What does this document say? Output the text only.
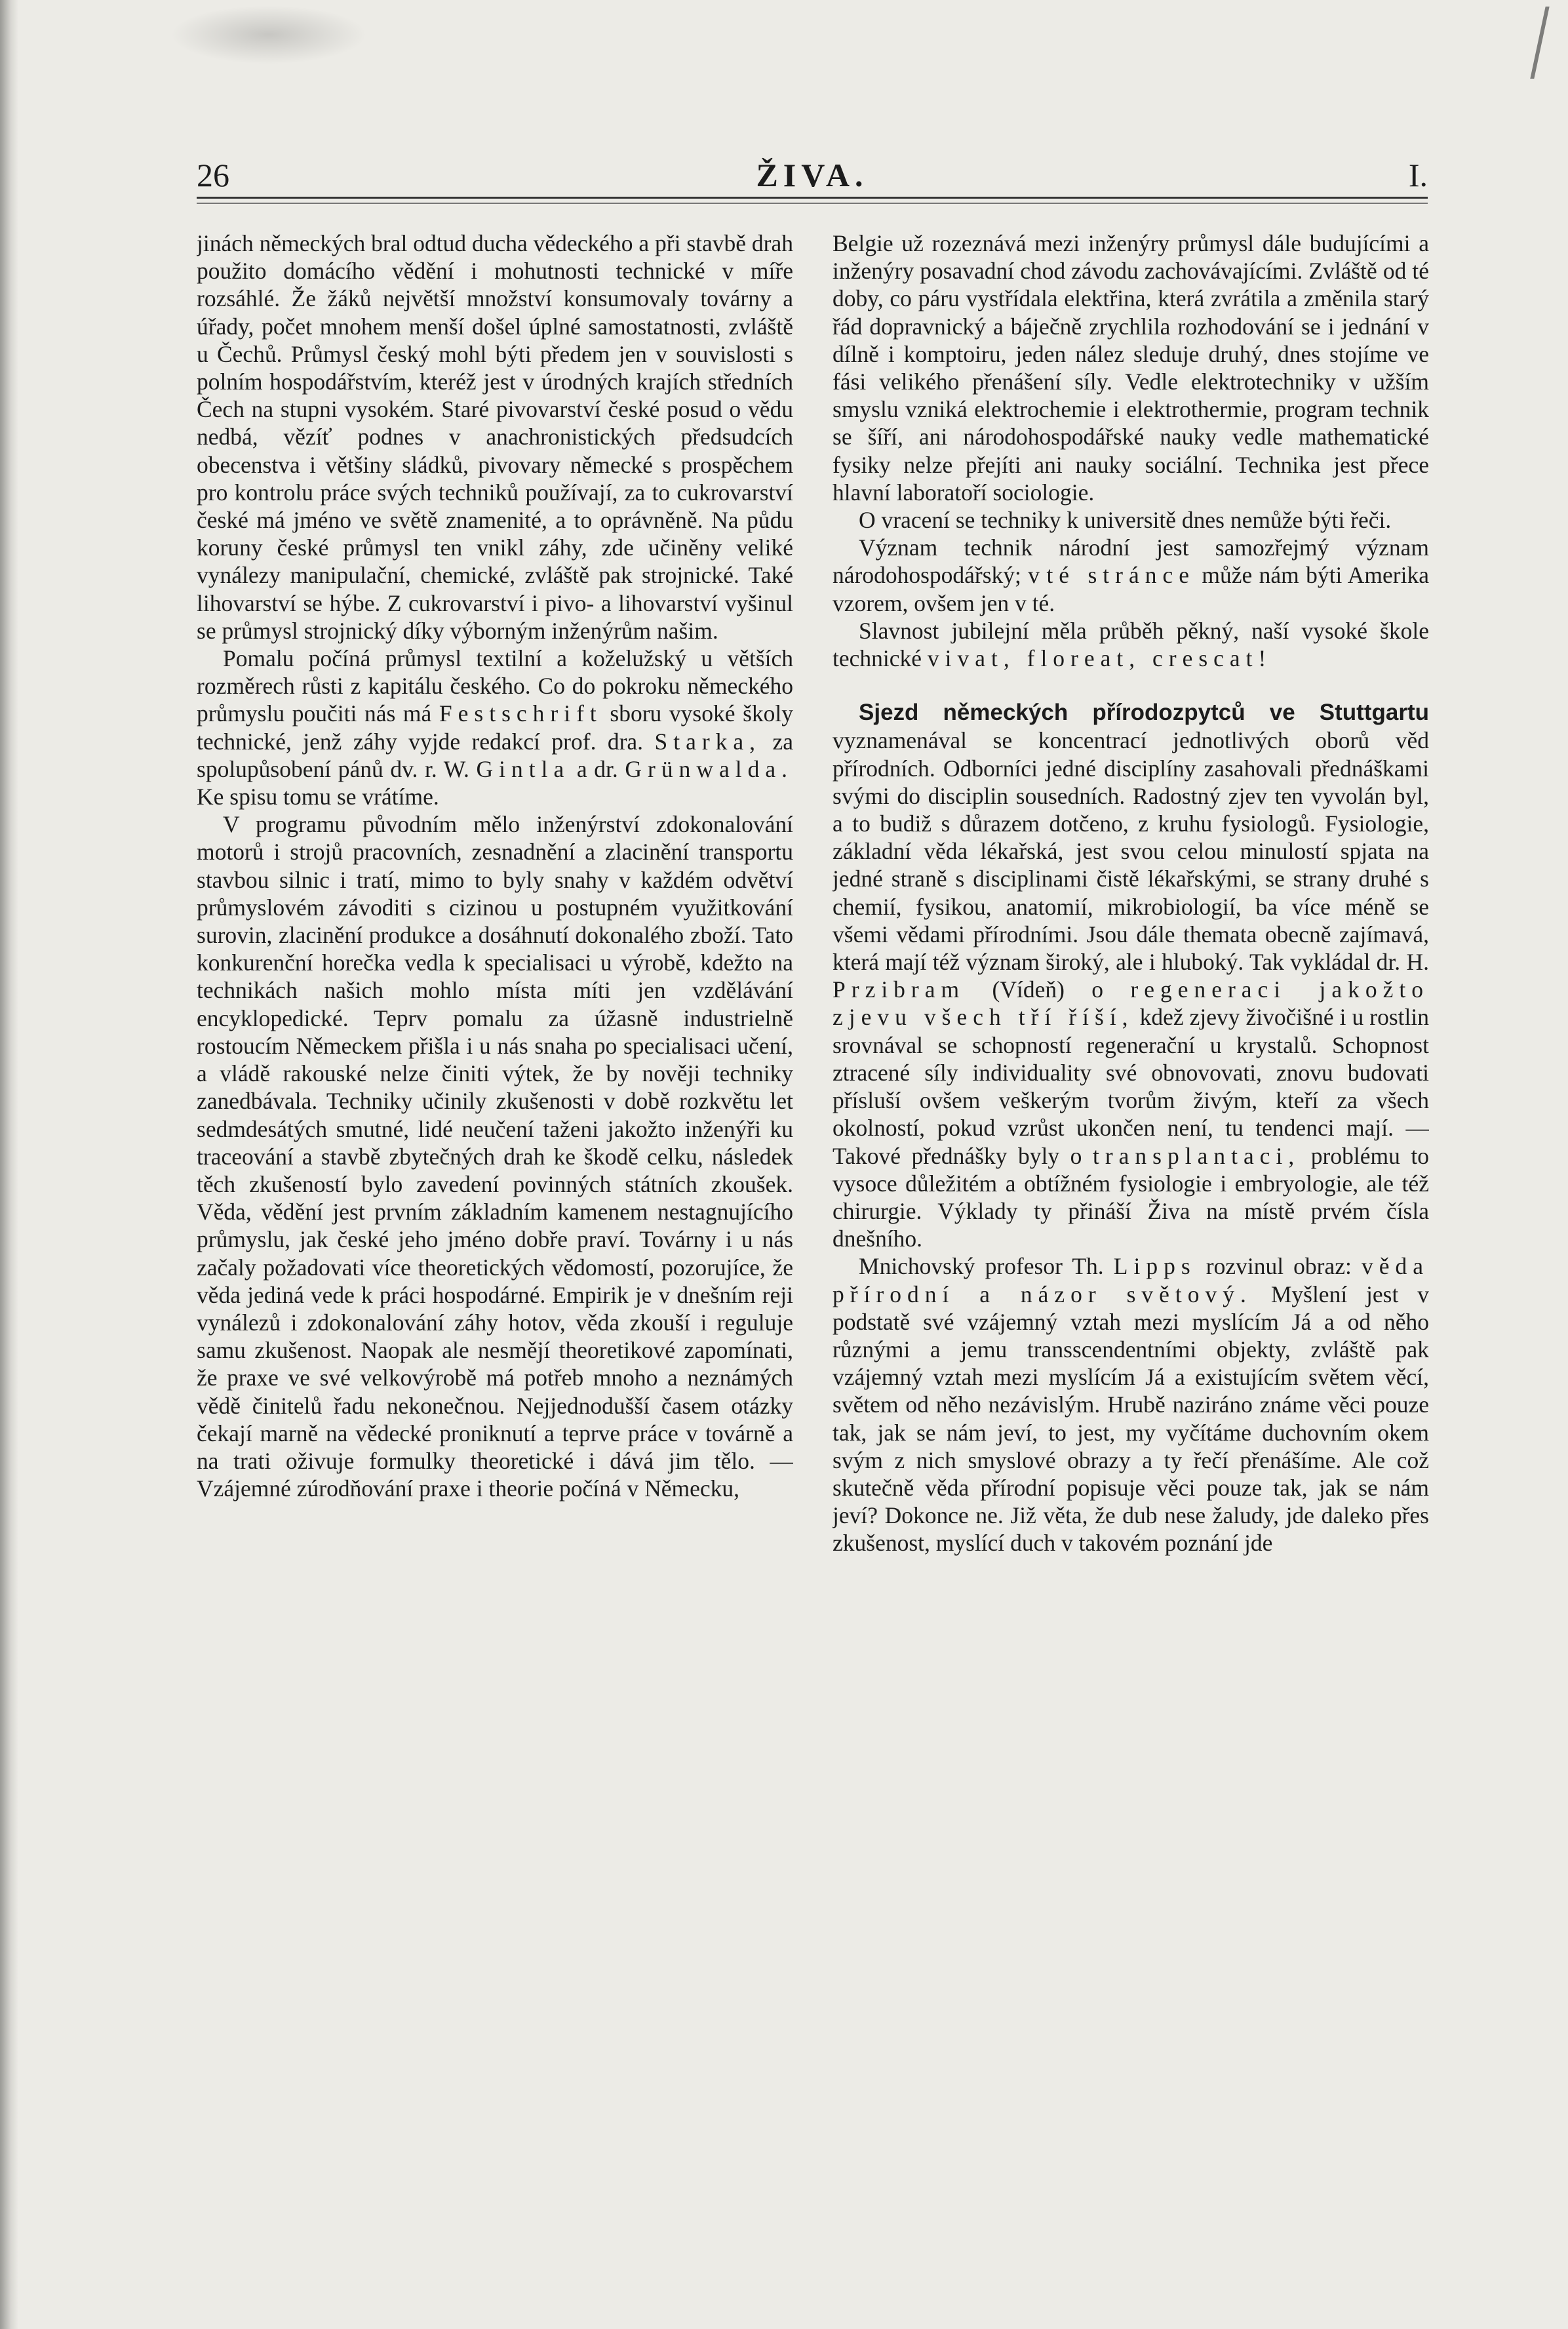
26	ŽIVA.	I.

jinách německých bral odtud ducha vědeckého a při stavbě drah použito domácího vědění i mohutnosti technické v míře rozsáhlé. Že žáků největší množství konsumovaly továrny a úřady, počet mnohem menší došel úplné samostatnosti, zvláště u Čechů. Průmysl český mohl býti předem jen v souvislosti s polním hospodářstvím, kteréž jest v úrodných krajích středních Čech na stupni vysokém. Staré pivovarství české posud o vědu nedbá, vězíť podnes v anachronistických předsudcích obecenstva i většiny sládků, pivovary německé s prospěchem pro kontrolu práce svých techniků používají, za to cukrovarství české má jméno ve světě znamenité, a to oprávněně. Na půdu koruny české průmysl ten vnikl záhy, zde učiněny veliké vynálezy manipulační, chemické, zvláště pak strojnické. Také lihovarství se hýbe. Z cukrovarství i pivo- a lihovarství vyšinul se průmysl strojnický díky výborným inženýrům našim.

Pomalu počíná průmysl textilní a koželužský u větších rozměrech růsti z kapitálu českého. Co do pokroku německého průmyslu poučiti nás má Festschrift sboru vysoké školy technické, jenž záhy vyjde redakcí prof. dra. Starka, za spolupůsobení pánů dv. r. W. Gintla a dr. Grünwalda. Ke spisu tomu se vrátíme.

V programu původním mělo inženýrství zdokonalování motorů i strojů pracovních, zesnadnění a zlacinění transportu stavbou silnic i tratí, mimo to byly snahy v každém odvětví průmyslovém závoditi s cizinou u postupném využitkování surovin, zlacinění produkce a dosáhnutí dokonalého zboží. Tato konkurenční horečka vedla k specialisaci u výrobě, kdežto na technikách našich mohlo místa míti jen vzdělávání encyklopedické. Teprv pomalu za úžasně industrielně rostoucím Německem přišla i u nás snaha po specialisaci učení, a vládě rakouské nelze činiti výtek, že by nověji techniky zanedbávala. Techniky učinily zkušenosti v době rozkvětu let sedmdesátých smutné, lidé neučení taženi jakožto inženýři ku traceování a stavbě zbytečných drah ke škodě celku, následek těch zkušeností bylo zavedení povinných státních zkoušek. Věda, vědění jest prvním základním kamenem nestagnujícího průmyslu, jak české jeho jméno dobře praví. Továrny i u nás začaly požadovati více theoretických vědomostí, pozorujíce, že věda jediná vede k práci hospodárné. Empirik je v dnešním reji vynálezů i zdokonalování záhy hotov, věda zkouší i reguluje samu zkušenost. Naopak ale nesmějí theoretikové zapomínati, že praxe ve své velkovýrobě má potřeb mnoho a neznámých vědě činitelů řadu nekonečnou. Nejjednodušší časem otázky čekají marně na vědecké proniknutí a teprve práce v továrně a na trati oživuje formulky theoretické i dává jim tělo. — Vzájemné zúrodňování praxe i theorie počíná v Německu,

Belgie už rozeznává mezi inženýry průmysl dále budujícími a inženýry posavadní chod závodu zachovávajícími. Zvláště od té doby, co páru vystřídala elektřina, která zvrátila a změnila starý řád dopravnický a báječně zrychlila rozhodování se i jednání v dílně i komptoiru, jeden nález sleduje druhý, dnes stojíme ve fási velikého přenášení síly. Vedle elektrotechniky v užším smyslu vzniká elektrochemie i elektrothermie, program technik se šíří, ani národohospodářské nauky vedle mathematické fysiky nelze přejíti ani nauky sociální. Technika jest přece hlavní laboratoří sociologie.

O vracení se techniky k universitě dnes nemůže býti řeči.

Význam technik národní jest samozřejmý význam národohospodářský; v té stránce může nám býti Amerika vzorem, ovšem jen v té.

Slavnost jubilejní měla průběh pěkný, naší vysoké škole technické vivat, floreat, crescat!

Sjezd německých přírodozpytců ve Stuttgartu vyznamenával se koncentrací jednotlivých oborů věd přírodních. Odborníci jedné disciplíny zasahovali přednáškami svými do disciplin sousedních. Radostný zjev ten vyvolán byl, a to budiž s důrazem dotčeno, z kruhu fysiologů. Fysiologie, základní věda lékařská, jest svou celou minulostí spjata na jedné straně s disciplinami čistě lékařskými, se strany druhé s chemií, fysikou, anatomií, mikrobiologií, ba více méně se všemi vědami přírodními. Jsou dále themata obecně zajímavá, která mají též význam široký, ale i hluboký. Tak vykládal dr. H. Przibram (Vídeň) o regeneraci jakožto zjevu všech tří říší, kdež zjevy živočišné i u rostlin srovnával se schopností regenerační u krystalů. Schopnost ztracené síly individuality své obnovovati, znovu budovati přísluší ovšem veškerým tvorům živým, kteří za všech okolností, pokud vzrůst ukončen není, tu tendenci mají. — Takové přednášky byly o transplantaci, problému to vysoce důležitém a obtížném fysiologie i embryologie, ale též chirurgie. Výklady ty přináší Živa na místě prvém čísla dnešního.

Mnichovský profesor Th. Lipps rozvinul obraz: věda přírodní a názor světový. Myšlení jest v podstatě své vzájemný vztah mezi myslícím Já a od něho různými a jemu transscendentními objekty, zvláště pak vzájemný vztah mezi myslícím Já a existujícím světem věcí, světem od něho nezávislým. Hrubě naziráno známe věci pouze tak, jak se nám jeví, to jest, my vyčítáme duchovním okem svým z nich smyslové obrazy a ty řečí přenášíme. Ale což skutečně věda přírodní popisuje věci pouze tak, jak se nám jeví? Dokonce ne. Již věta, že dub nese žaludy, jde daleko přes zkušenost, myslící duch v takovém poznání jde
